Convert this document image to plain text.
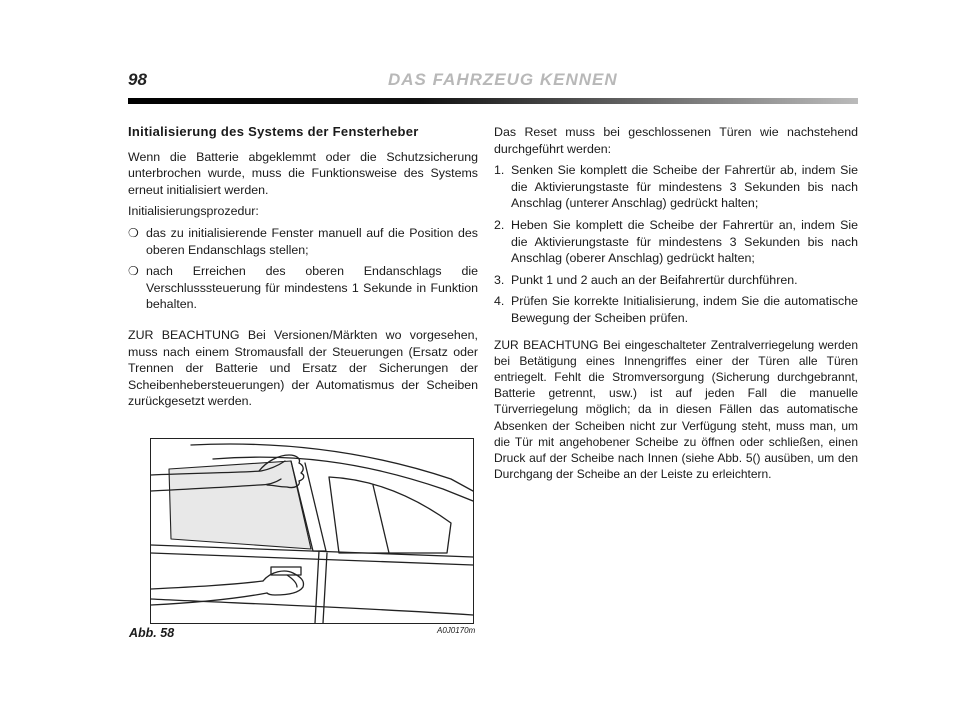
98	DAS FAHRZEUG KENNEN
Initialisierung des Systems der Fensterheber

Wenn die Batterie abgeklemmt oder die Schutzsicherung unterbrochen wurde, muss die Funktionsweise des Systems erneut initialisiert werden.

Initialisierungsprozedur:

❍ das zu initialisierende Fenster manuell auf die Position des oberen Endanschlags stellen;
❍ nach Erreichen des oberen Endanschlags die Verschlusssteuerung für mindestens 1 Sekunde in Funktion behalten.

ZUR BEACHTUNG Bei Versionen/Märkten wo vorgesehen, muss nach einem Stromausfall der Steuerungen (Ersatz oder Trennen der Batterie und Ersatz der Sicherungen der Scheibenhebersteuerungen) der Automatismus der Scheiben zurückgesetzt werden.

Das Reset muss bei geschlossenen Türen wie nachstehend durchgeführt werden:

1. Senken Sie komplett die Scheibe der Fahrertür ab, indem Sie die Aktivierungstaste für mindestens 3 Sekunden bis nach Anschlag (unterer Anschlag) gedrückt halten;
2. Heben Sie komplett die Scheibe der Fahrertür an, indem Sie die Aktivierungstaste für mindestens 3 Sekunden bis nach Anschlag (oberer Anschlag) gedrückt halten;
3. Punkt 1 und 2 auch an der Beifahrertür durchführen.
4. Prüfen Sie korrekte Initialisierung, indem Sie die automatische Bewegung der Scheiben prüfen.

ZUR BEACHTUNG Bei eingeschalteter Zentralverriegelung werden bei Betätigung eines Innengriffes einer der Türen alle Türen entriegelt. Fehlt die Stromversorgung (Sicherung durchgebrannt, Batterie getrennt, usw.) ist auf jeden Fall die manuelle Türverriegelung möglich; da in diesen Fällen das automatische Absenken der Scheiben nicht zur Verfügung steht, muss man, um die Tür mit angehobener Scheibe zu öffnen oder schließen, einen Druck auf der Scheibe nach Innen (siehe Abb. 5() ausüben, um den Durchgang der Scheibe an der Leiste zu erleichtern.

Abb. 58	A0J0170m
